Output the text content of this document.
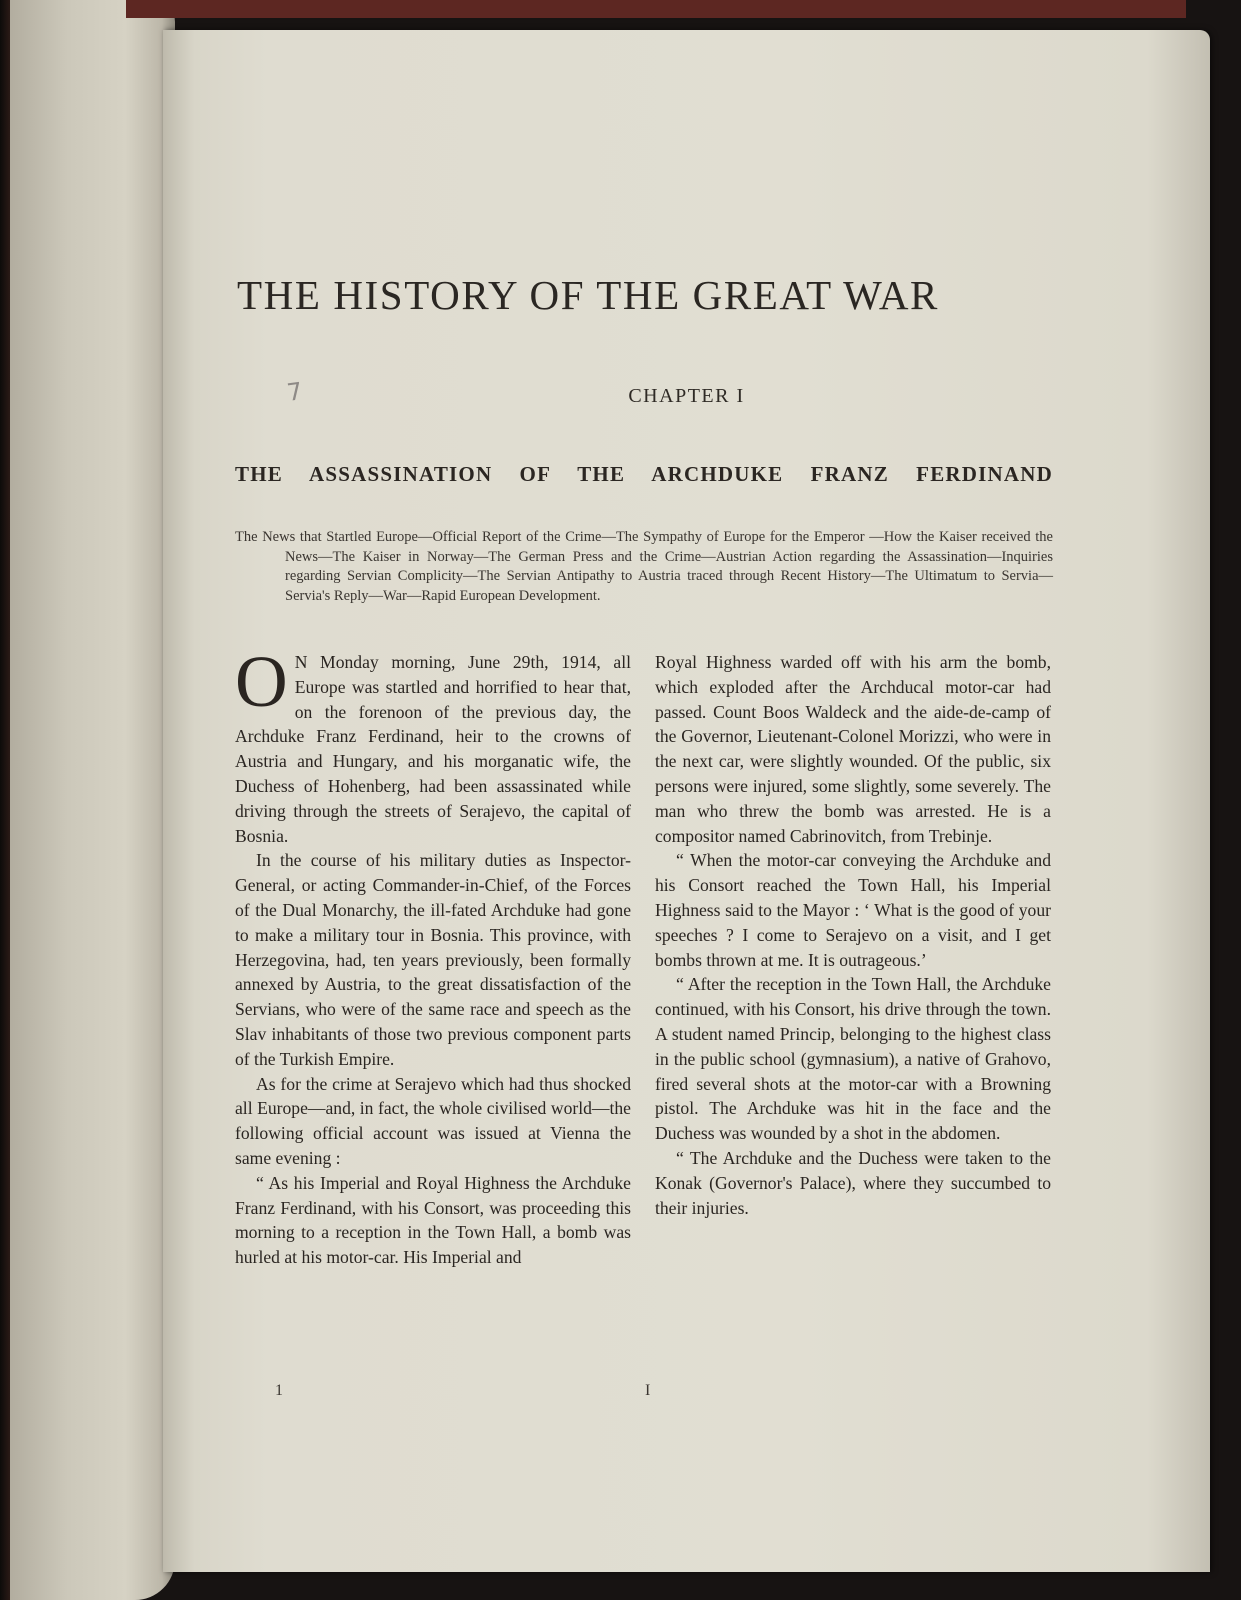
THE HISTORY OF THE GREAT WAR
7	CHAPTER I
THE ASSASSINATION OF THE ARCHDUKE FRANZ FERDINAND

The News that Startled Europe—Official Report of the Crime—The Sympathy of Europe for the Emperor —How the Kaiser received the News—The Kaiser in Norway—The German Press and the Crime—Austrian Action regarding the Assassination—Inquiries regarding Servian Complicity—The Servian Antipathy to Austria traced through Recent History—The Ultimatum to Servia—Servia's Reply—War—Rapid European Development.

O N Monday morning, June 29th, 1914, all Europe was startled and horrified to hear that, on the forenoon of the previous day, the Archduke Franz Ferdinand, heir to the crowns of Austria and Hungary, and his morganatic wife, the Duchess of Hohenberg, had been assassinated while driving through the streets of Serajevo, the capital of Bosnia.

In the course of his military duties as Inspector-General, or acting Commander-in-Chief, of the Forces of the Dual Monarchy, the ill-fated Archduke had gone to make a military tour in Bosnia. This province, with Herzegovina, had, ten years previously, been formally annexed by Austria, to the great dissatisfaction of the Servians, who were of the same race and speech as the Slav inhabitants of those two previous component parts of the Turkish Empire.

As for the crime at Serajevo which had thus shocked all Europe—and, in fact, the whole civilised world—the following official account was issued at Vienna the same evening :

“ As his Imperial and Royal Highness the Archduke Franz Ferdinand, with his Consort, was proceeding this morning to a reception in the Town Hall, a bomb was hurled at his motor-car. His Imperial and

Royal Highness warded off with his arm the bomb, which exploded after the Archducal motor-car had passed. Count Boos Waldeck and the aide-de-camp of the Governor, Lieutenant-Colonel Morizzi, who were in the next car, were slightly wounded. Of the public, six persons were injured, some slightly, some severely. The man who threw the bomb was arrested. He is a compositor named Cabrinovitch, from Trebinje.

“ When the motor-car conveying the Archduke and his Consort reached the Town Hall, his Imperial Highness said to the Mayor : ‘ What is the good of your speeches ? I come to Serajevo on a visit, and I get bombs thrown at me. It is outrageous.’

“ After the reception in the Town Hall, the Archduke continued, with his Consort, his drive through the town. A student named Princip, belonging to the highest class in the public school (gymnasium), a native of Grahovo, fired several shots at the motor-car with a Browning pistol. The Archduke was hit in the face and the Duchess was wounded by a shot in the abdomen.

“ The Archduke and the Duchess were taken to the Konak (Governor's Palace), where they succumbed to their injuries.

1	I
